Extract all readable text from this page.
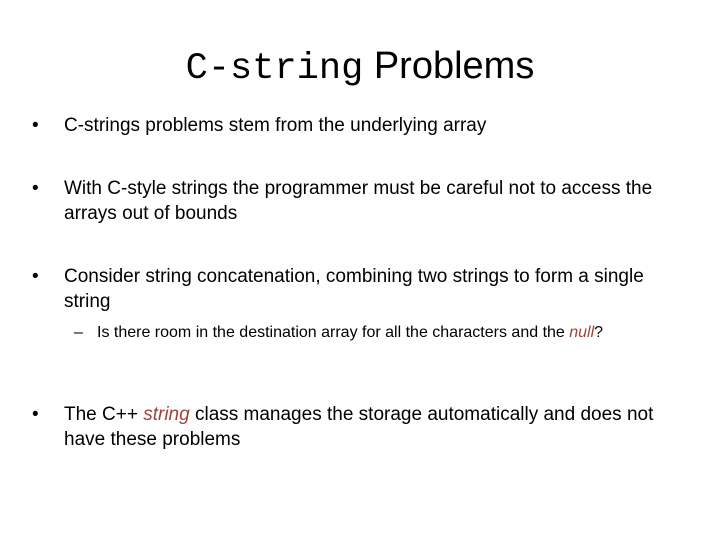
C-string Problems
•	C-strings problems stem from the underlying array
•	With C-style strings the programmer must be careful not to access the arrays out of bounds
•	Consider string concatenation, combining two strings to form a single string
– Is there room in the destination array for all the characters and the null?
•	The C++ string class manages the storage automatically and does not have these problems
